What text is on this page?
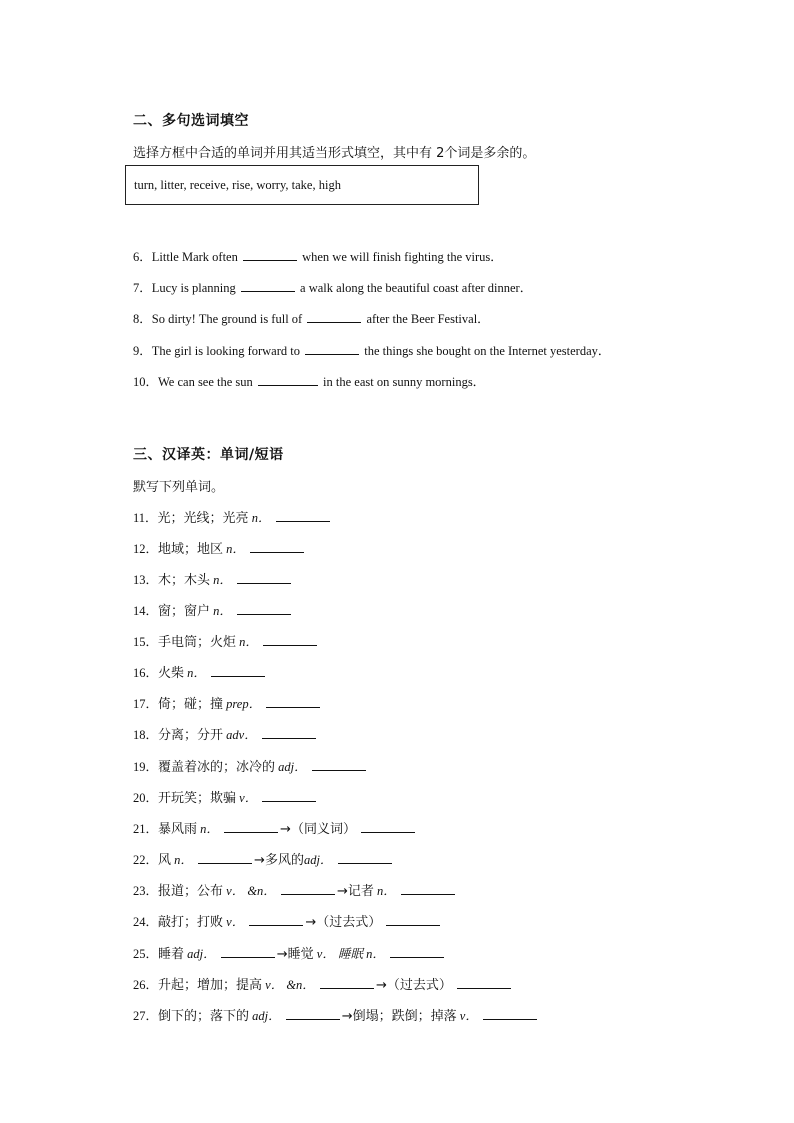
二、多句选词填空
选择方框中合适的单词并用其适当形式填空，其中有 2个词是多余的。
turn, litter, receive, rise, worry, take, high
6．Little Mark often	when we will finish fighting the virus．
7．Lucy is planning	a walk along the beautiful coast after dinner．
8．So dirty! The ground is full of	after the Beer Festival．
9．The girl is looking forward to	the things she bought on the Internet yesterday．
10．We can see the sun	in the east on sunny mornings．
三、汉译英：单词/短语
默写下列单词。
11．光；光线；光亮 n．
12．地域；地区 n．
13．木；木头 n．
14．窗；窗户 n．
15．手电筒；火炬 n．
16．火柴 n．
17．倚；碰；撞 prep．
18．分离；分开 adv．
19．覆盖着冰的；冰冷的 adj．
20．开玩笑；欺骗 v．
21．暴风雨 n．	→（同义词）
22．风 n．	→多风的adj．
23．报道；公布 v． &n．	→记者 n．
24．敲打；打败 v．	→（过去式）
25．睡着 adj．	→睡觉 v． 睡眠 n．
26．升起；增加；提高 v． &n．	→（过去式）
27．倒下的；落下的 adj．	→倒塌；跌倒；掉落 v．
